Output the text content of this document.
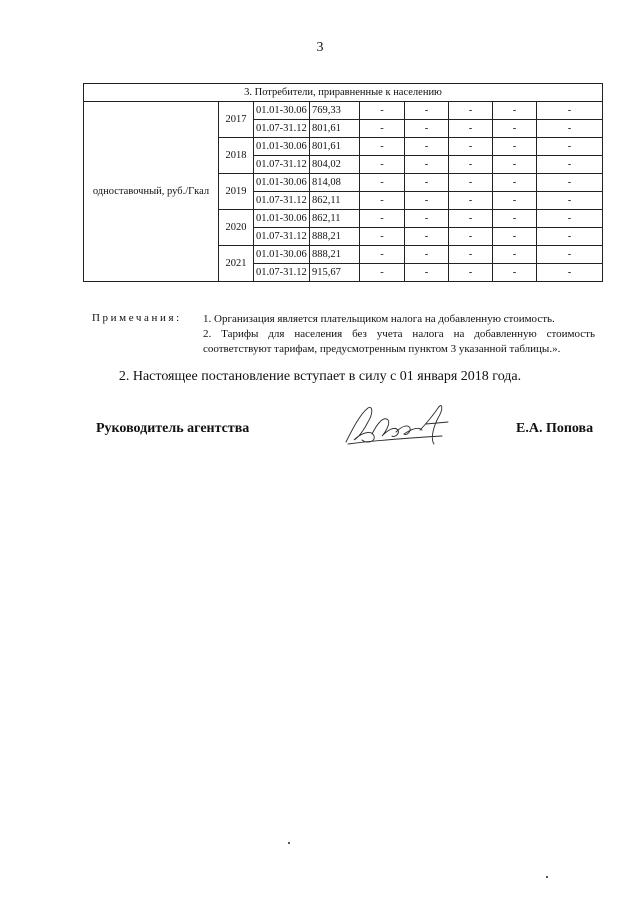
3
3. Потребители, приравненные к населению								
одноставочный, руб./Гкал	2017	01.01-30.06	769,33	-	-	-	-	-
		01.07-31.12	801,61	-	-	-	-	-
	2018	01.01-30.06	801,61	-	-	-	-	-
		01.07-31.12	804,02	-	-	-	-	-
	2019	01.01-30.06	814,08	-	-	-	-	-
		01.07-31.12	862,11	-	-	-	-	-
	2020	01.01-30.06	862,11	-	-	-	-	-
		01.07-31.12	888,21	-	-	-	-	-
	2021	01.01-30.06	888,21	-	-	-	-	-
		01.07-31.12	915,67	-	-	-	-	-
Примечания: 1. Организация является плательщиком налога на добавленную стоимость.

2. Тарифы для населения без учета налога на добавленную стоимость соответствуют тарифам, предусмотренным пунктом 3 указанной таблицы.».

2. Настоящее постановление вступает в силу с 01 января 2018 года.
Руководитель агентства	Е.А. Попова
